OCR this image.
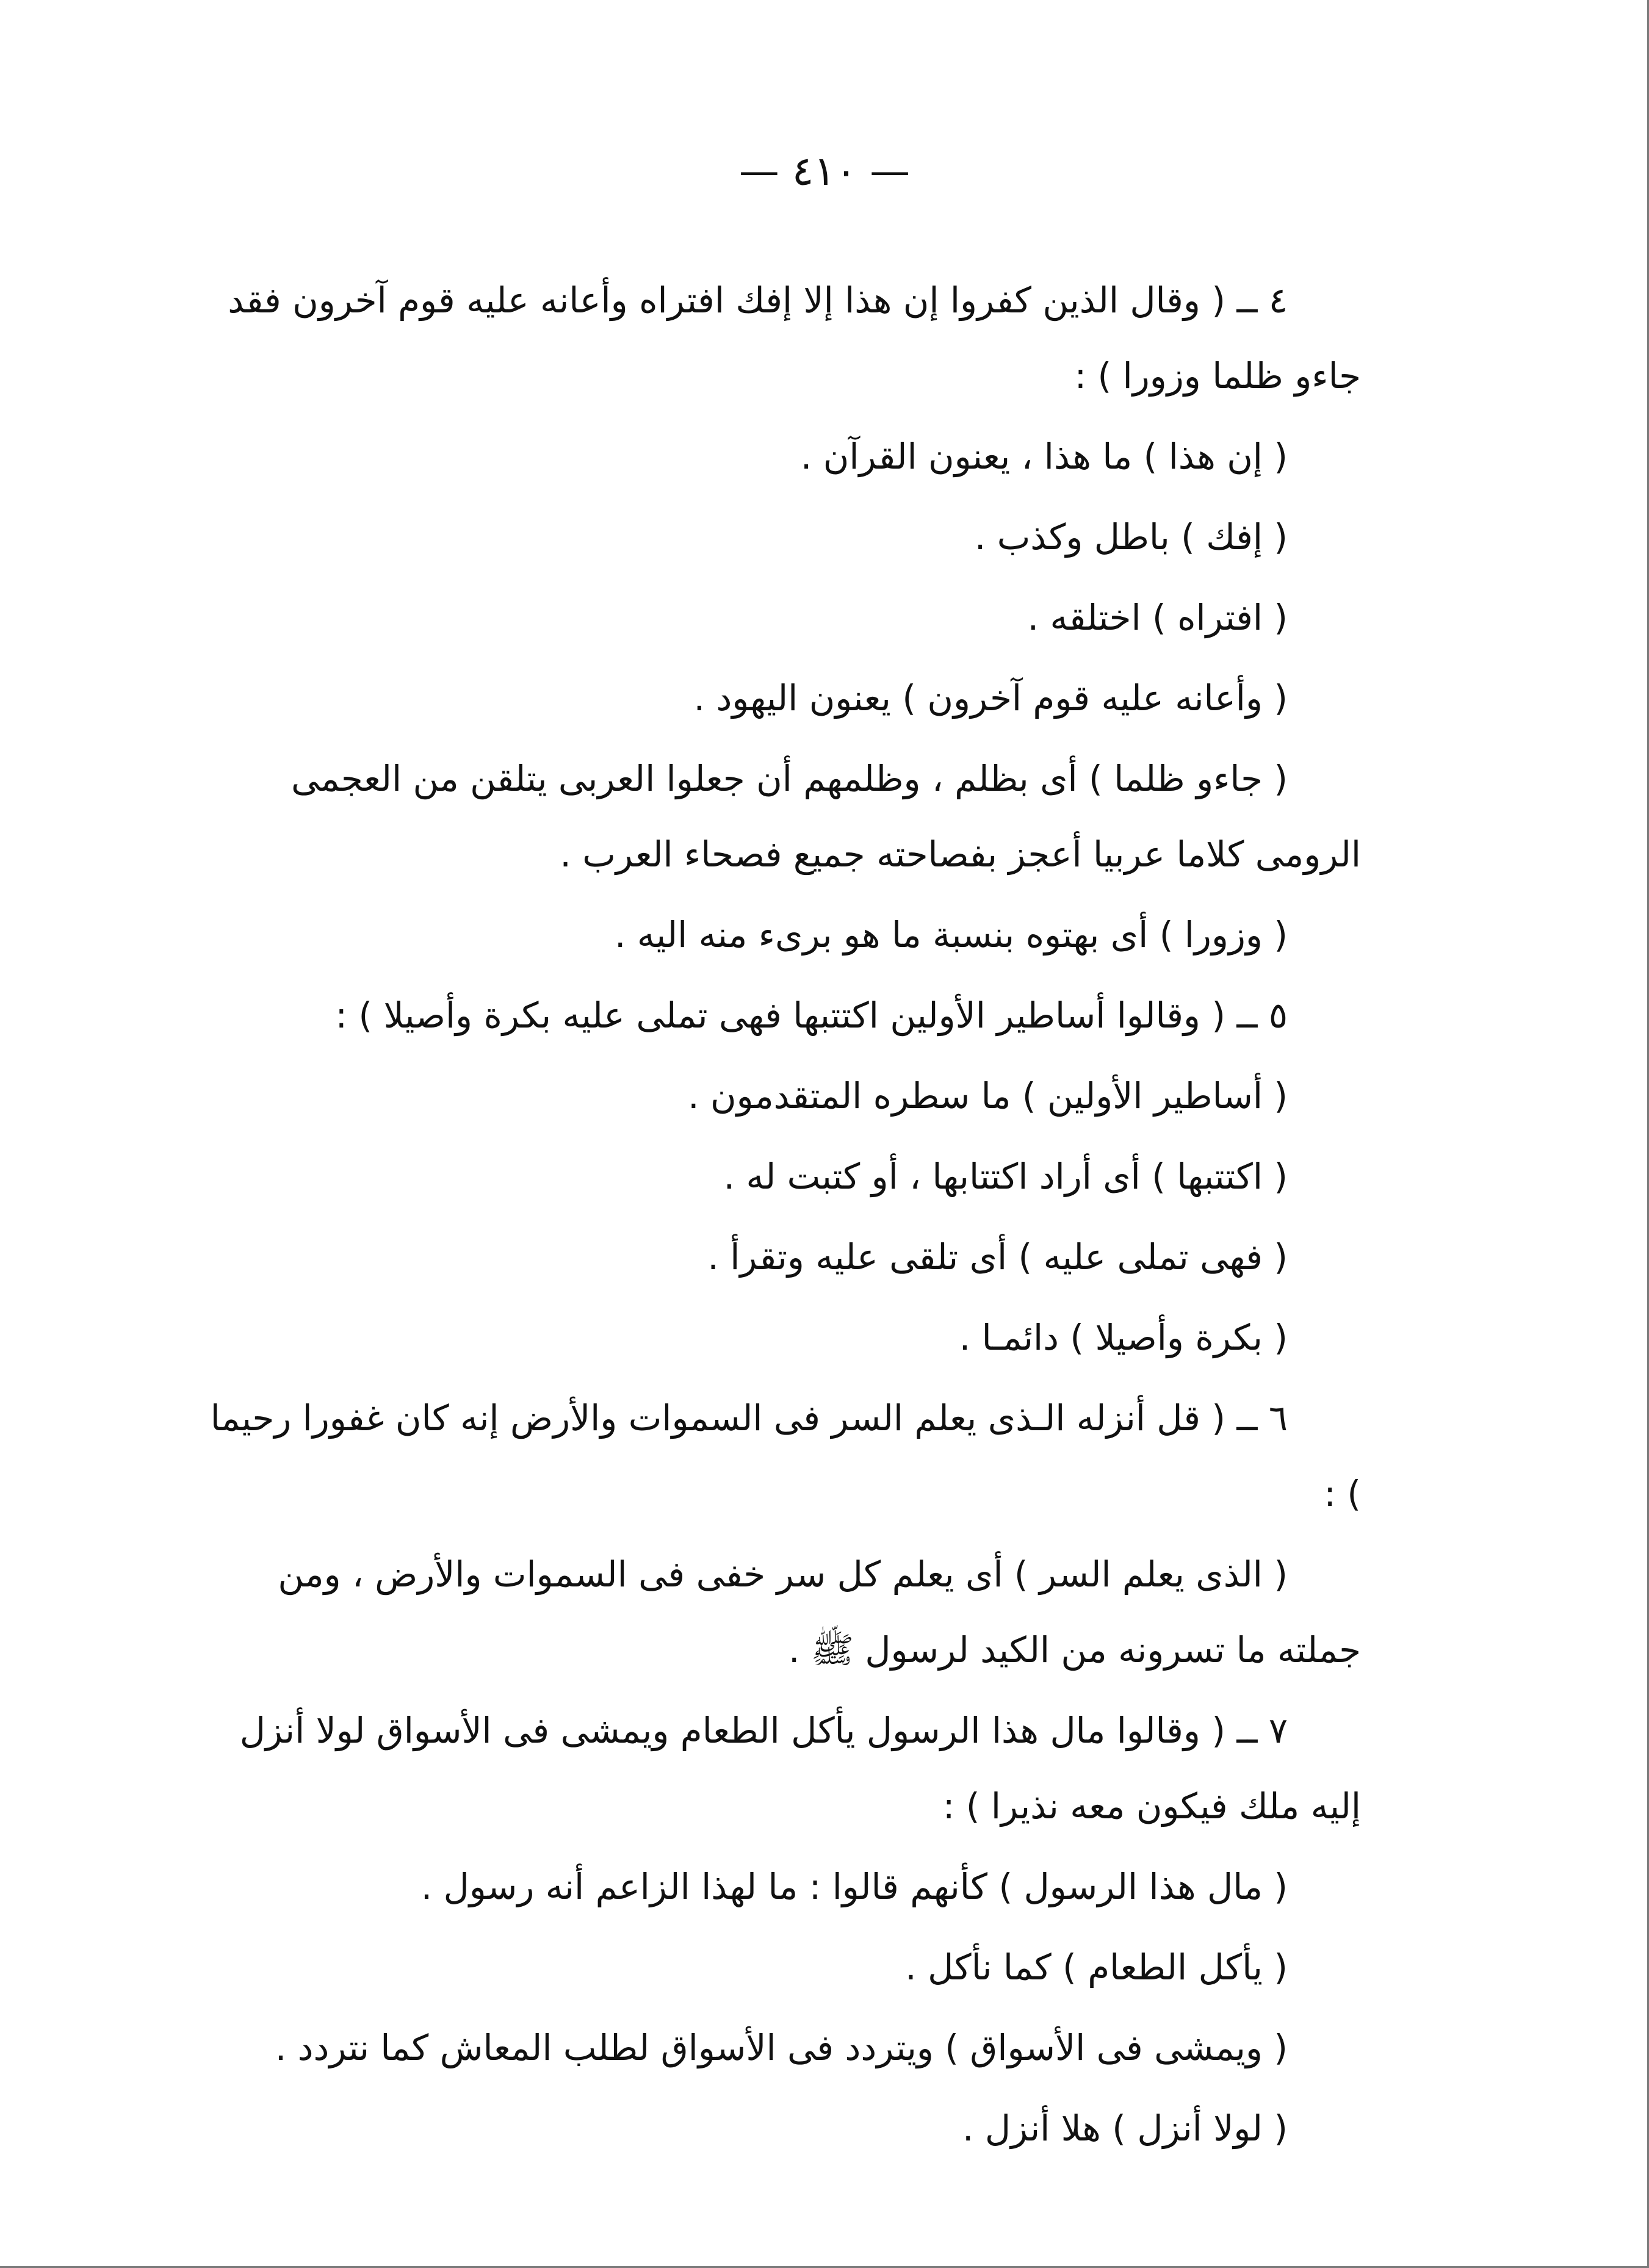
— ٤١٠ —

٤ ــ ( وقال الذين كفروا إن هذا إلا إفك افتراه وأعانه عليه قوم آخرون فقد جاءو ظلما وزورا ) :

( إن هذا ) ما هذا ، يعنون القرآن .

( إفك ) باطل وكذب .

( افتراه ) اختلقه .

( وأعانه عليه قوم آخرون ) يعنون اليهود .

( جاءو ظلما ) أى بظلم ، وظلمهم أن جعلوا العربى يتلقن من العجمى الرومى كلاما عربيا أعجز بفصاحته جميع فصحاء العرب .

( وزورا ) أى بهتوه بنسبة ما هو برىء منه اليه .

٥ ــ ( وقالوا أساطير الأولين اكتتبها فهى تملى عليه بكرة وأصيلا ) :

( أساطير الأولين ) ما سطره المتقدمون .

( اكتتبها ) أى أراد اكتتابها ، أو كتبت له .

( فهى تملى عليه ) أى تلقى عليه وتقرأ .

( بكرة وأصيلا ) دائمـا .

٦ ــ ( قل أنزله الـذى يعلم السر فى السموات والأرض إنه كان غفورا رحيما ) :

( الذى يعلم السر ) أى يعلم كل سر خفى فى السموات والأرض ، ومن جملته ما تسرونه من الكيد لرسول ﷺ .

٧ ــ ( وقالوا مال هذا الرسول يأكل الطعام ويمشى فى الأسواق لولا أنزل إليه ملك فيكون معه نذيرا ) :

( مال هذا الرسول ) كأنهم قالوا : ما لهذا الزاعم أنه رسول .

( يأكل الطعام ) كما نأكل .

( ويمشى فى الأسواق ) ويتردد فى الأسواق لطلب المعاش كما نتردد .

( لولا أنزل ) هلا أنزل .
